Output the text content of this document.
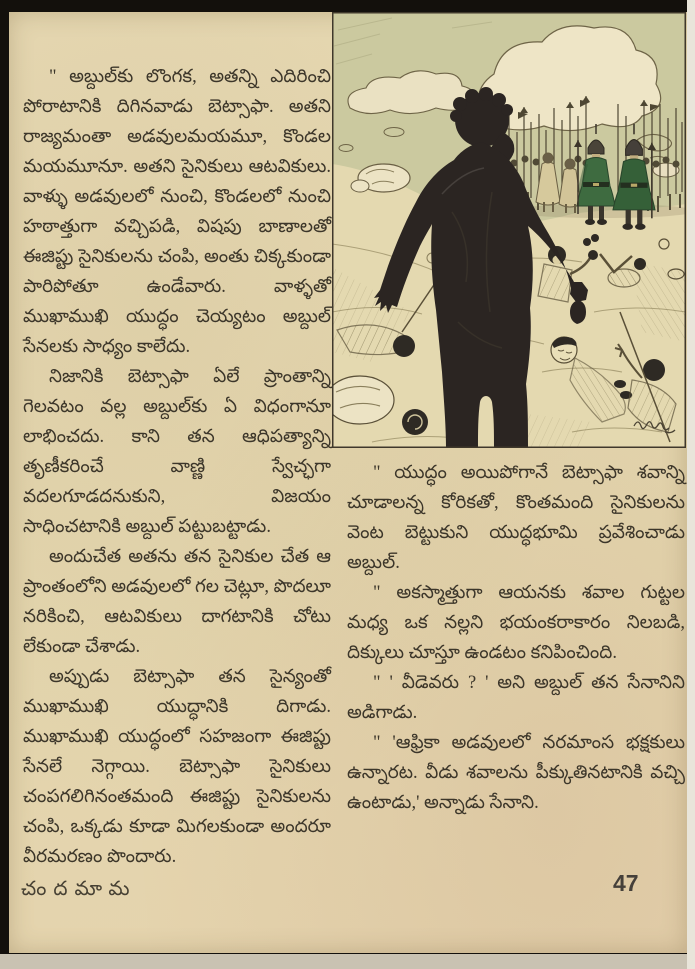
" అబ్దుల్‌కు లొంగక, అతన్ని ఎదిరించి పోరాటానికి దిగినవాడు బెట్సాఫా. అతని రాజ్యమంతా అడవులమయమూ, కొండల మయమూనూ. అతని సైనికులు ఆటవికులు. వాళ్ళు అడవులలో నుంచి, కొండలలో నుంచి హఠాత్తుగా వచ్చిపడి, విషపు బాణాలతో ఈజిప్టు సైనికులను చంపి, అంతు చిక్కకుండా పారిపోతూ ఉండేవారు. వాళ్ళతో ముఖాముఖి యుద్ధం చెయ్యటం అబ్దుల్ సేనలకు సాధ్యం కాలేదు.

నిజానికి బెట్సాఫా ఏలే ప్రాంతాన్ని గెలవటం వల్ల అబ్దుల్‌కు ఏ విధంగానూ లాభించదు. కాని తన ఆధిపత్యాన్ని తృణీకరించే వాణ్ణి స్వేచ్ఛగా వదలగూడదనుకుని, విజయం సాధించటానికి అబ్దుల్ పట్టుబట్టాడు.

అందుచేత అతను తన సైనికుల చేత ఆ ప్రాంతంలోని అడవులలో గల చెట్లూ, పొదలూ నరికించి, ఆటవికులు దాగటానికి చోటు లేకుండా చేశాడు.

అప్పుడు బెట్సాఫా తన సైన్యంతో ముఖాముఖి యుద్ధానికి దిగాడు. ముఖాముఖి యుద్ధంలో సహజంగా ఈజిప్టు సేనలే నెగ్గాయి. బెట్సాఫా సైనికులు చంపగలిగినంతమంది ఈజిప్టు సైనికులను చంపి, ఒక్కడు కూడా మిగలకుండా అందరూ వీరమరణం పొందారు.

" యుద్ధం అయిపోగానే బెట్సాఫా శవాన్ని చూడాలన్న కోరికతో, కొంతమంది సైనికులను వెంట బెట్టుకుని యుద్ధభూమి ప్రవేశించాడు అబ్దుల్.

" అకస్మాత్తుగా ఆయనకు శవాల గుట్టల మధ్య ఒక నల్లని భయంకరాకారం నిలబడి, దిక్కులు చూస్తూ ఉండటం కనిపించింది.

" ' వీడెవరు ? ' అని అబ్దుల్ తన సేనానిని అడిగాడు.

" 'ఆఫ్రికా అడవులలో నరమాంస భక్షకులు ఉన్నారట. వీడు శవాలను పీక్కుతినటానికి వచ్చి ఉంటాడు,' అన్నాడు సేనాని.

చందమామ	47
